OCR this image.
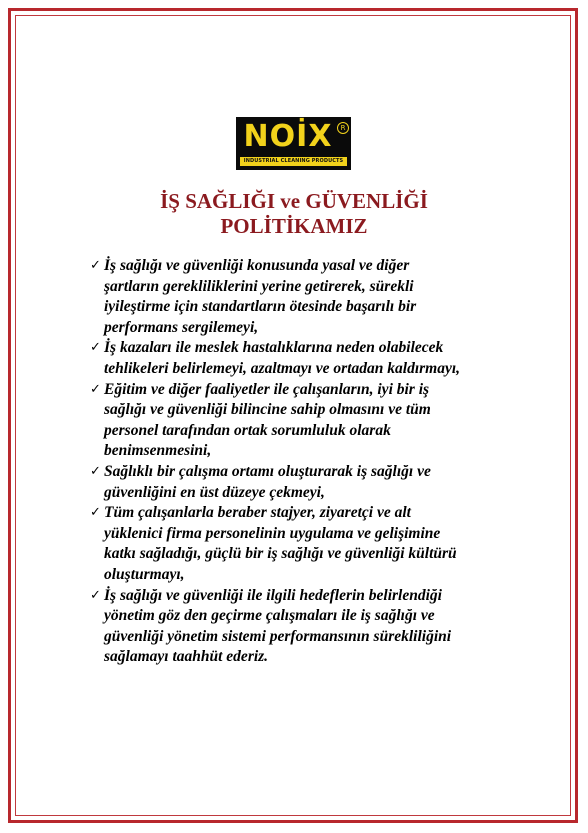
NOİX	R
INDUSTRIAL CLEANING PRODUCTS
İŞ SAĞLIĞI ve GÜVENLİĞİ
POLİTİKAMIZ
✓ İş sağlığı ve güvenliği konusunda yasal ve diğer
şartların gerekliliklerini yerine getirerek, sürekli
iyileştirme için standartların ötesinde başarılı bir
performans sergilemeyi,
✓ İş kazaları ile meslek hastalıklarına neden olabilecek
tehlikeleri belirlemeyi, azaltmayı ve ortadan kaldırmayı,
✓ Eğitim ve diğer faaliyetler ile çalışanların, iyi bir iş
sağlığı ve güvenliği bilincine sahip olmasını ve tüm
personel tarafından ortak sorumluluk olarak
benimsenmesini,
✓ Sağlıklı bir çalışma ortamı oluşturarak iş sağlığı ve
güvenliğini en üst düzeye çekmeyi,
✓ Tüm çalışanlarla beraber stajyer, ziyaretçi ve alt
yüklenici firma personelinin uygulama ve gelişimine
katkı sağladığı, güçlü bir iş sağlığı ve güvenliği kültürü
oluşturmayı,
✓ İş sağlığı ve güvenliği ile ilgili hedeflerin belirlendiği
yönetim göz den geçirme çalışmaları ile iş sağlığı ve
güvenliği yönetim sistemi performansının sürekliliğini
sağlamayı taahhüt ederiz.
